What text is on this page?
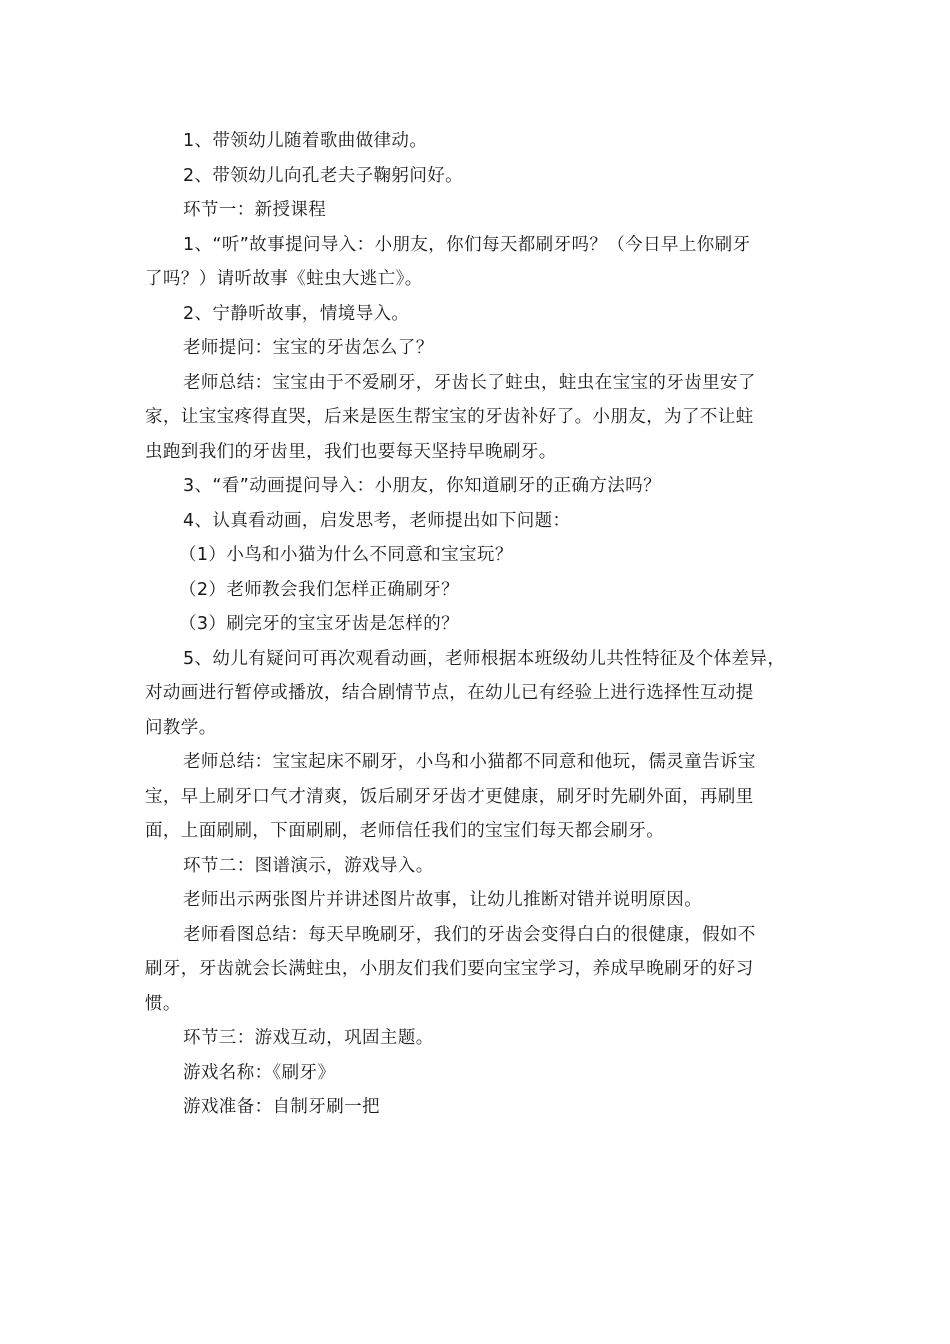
1、带领幼儿随着歌曲做律动。
2、带领幼儿向孔老夫子鞠躬问好。
环节一：新授课程
1、“听”故事提问导入：小朋友，你们每天都刷牙吗？（今日早上你刷牙
了吗？）请听故事《蛀虫大逃亡》。
2、宁静听故事，情境导入。
老师提问：宝宝的牙齿怎么了？
老师总结：宝宝由于不爱刷牙，牙齿长了蛀虫，蛀虫在宝宝的牙齿里安了
家，让宝宝疼得直哭，后来是医生帮宝宝的牙齿补好了。小朋友，为了不让蛀
虫跑到我们的牙齿里，我们也要每天坚持早晚刷牙。
3、“看”动画提问导入：小朋友，你知道刷牙的正确方法吗？
4、认真看动画，启发思考，老师提出如下问题：
（1）小鸟和小猫为什么不同意和宝宝玩？
（2）老师教会我们怎样正确刷牙？
（3）刷完牙的宝宝牙齿是怎样的？
5、幼儿有疑问可再次观看动画，老师根据本班级幼儿共性特征及个体差异，
对动画进行暂停或播放，结合剧情节点，在幼儿已有经验上进行选择性互动提
问教学。
老师总结：宝宝起床不刷牙，小鸟和小猫都不同意和他玩，儒灵童告诉宝
宝，早上刷牙口气才清爽，饭后刷牙牙齿才更健康，刷牙时先刷外面，再刷里
面，上面刷刷，下面刷刷，老师信任我们的宝宝们每天都会刷牙。
环节二：图谱演示，游戏导入。
老师出示两张图片并讲述图片故事，让幼儿推断对错并说明原因。
老师看图总结：每天早晚刷牙，我们的牙齿会变得白白的很健康，假如不
刷牙，牙齿就会长满蛀虫，小朋友们我们要向宝宝学习，养成早晚刷牙的好习
惯。
环节三：游戏互动，巩固主题。
游戏名称：《刷牙》
游戏准备：自制牙刷一把
